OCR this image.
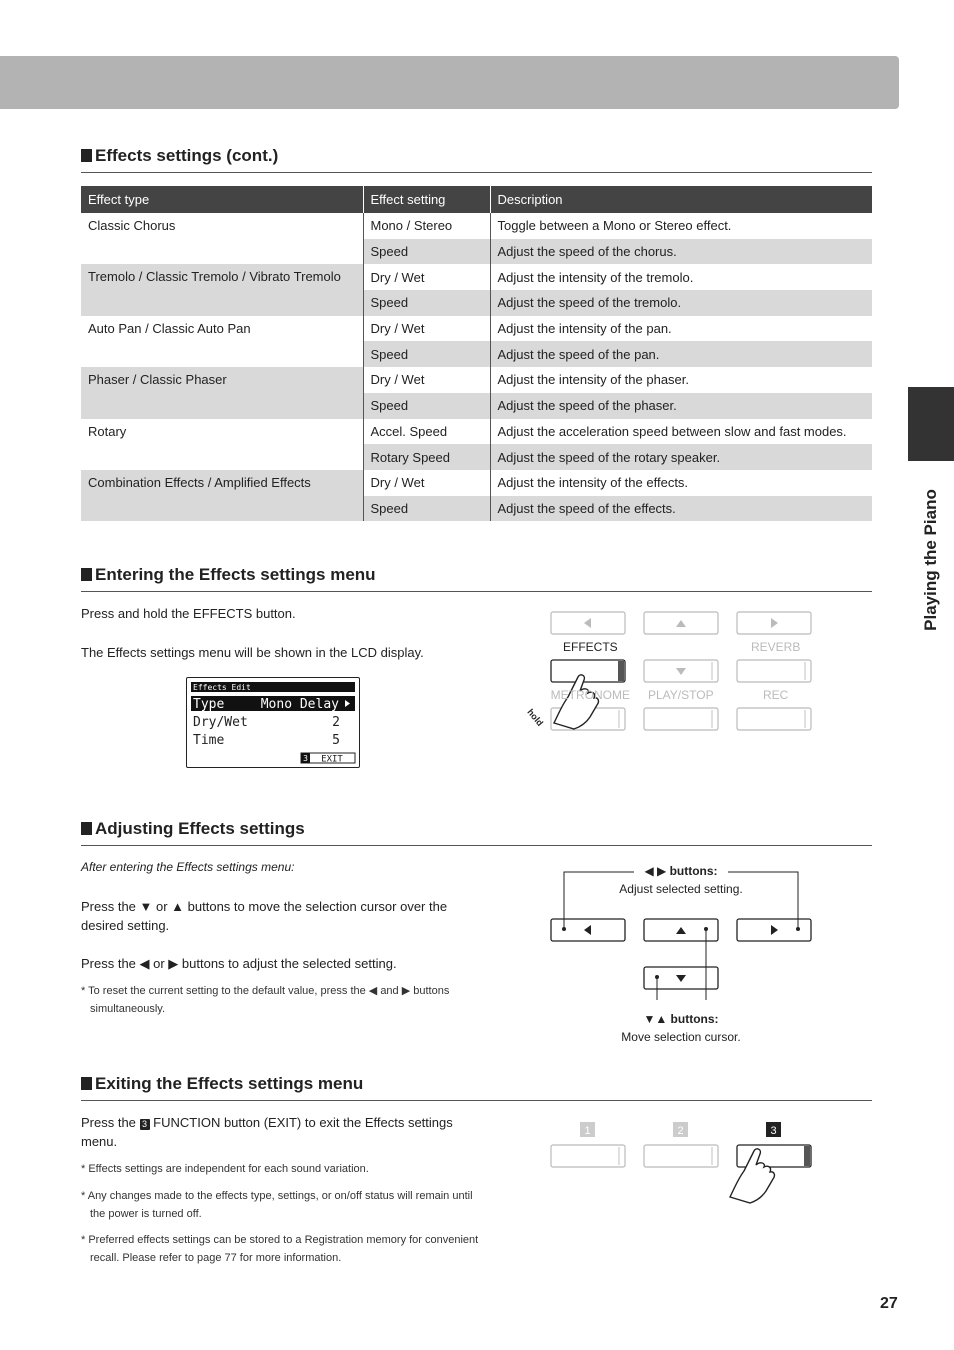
Playing the Piano
27
Effects settings (cont.)
Effect type	Effect setting	Description
Classic Chorus	Mono / Stereo	Toggle between a Mono or Stereo effect.
	Speed	Adjust the speed of the chorus.
Tremolo / Classic Tremolo / Vibrato Tremolo	Dry / Wet	Adjust the intensity of the tremolo.
	Speed	Adjust the speed of the tremolo.
Auto Pan / Classic Auto Pan	Dry / Wet	Adjust the intensity of the pan.
	Speed	Adjust the speed of the pan.
Phaser / Classic Phaser	Dry / Wet	Adjust the intensity of the phaser.
	Speed	Adjust the speed of the phaser.
Rotary	Accel. Speed	Adjust the acceleration speed between slow and fast modes.
	Rotary Speed	Adjust the speed of the rotary speaker.
Combination Effects / Amplified Effects	Dry / Wet	Adjust the intensity of the effects.
	Speed	Adjust the speed of the effects.
Entering the Effects settings menu
Press and hold the EFFECTS button.
The Effects settings menu will be shown in the LCD display.
Effects Edit
Type	Mono Delay
Dry/Wet	2
Time	5
3 EXIT
EFFECTS	REVERB
METRONOME PLAY/STOP	REC
hold
Adjusting Effects settings
After entering the Effects settings menu:
Press the ▼ or ▲ buttons to move the selection cursor over the desired setting.
Press the ◀ or ▶ buttons to adjust the selected setting.
* To reset the current setting to the default value, press the ◀ and ▶ buttons simultaneously.
◀ ▶ buttons:
Adjust selected setting.
▼▲ buttons:
Move selection cursor.
Exiting the Effects settings menu
Press the 3 FUNCTION button (EXIT) to exit the Effects settings menu.
* Effects settings are independent for each sound variation.
* Any changes made to the effects type, settings, or on/off status will remain until the power is turned off.
* Preferred effects settings can be stored to a Registration memory for convenient recall. Please refer to page 77 for more information.
1	2	3
